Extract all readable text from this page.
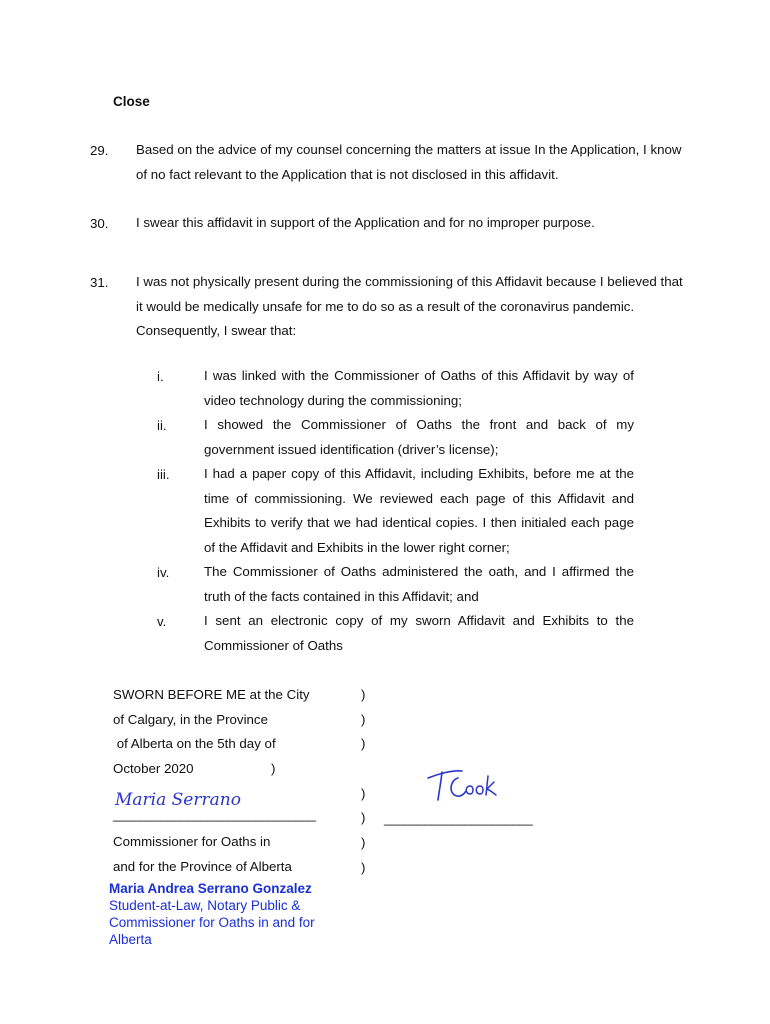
Close
29. Based on the advice of my counsel concerning the matters at issue In the Application, I know of no fact relevant to the Application that is not disclosed in this affidavit.
30. I swear this affidavit in support of the Application and for no improper purpose.
31. I was not physically present during the commissioning of this Affidavit because I believed that it would be medically unsafe for me to do so as a result of the coronavirus pandemic. Consequently, I swear that:
i.	I was linked with the Commissioner of Oaths of this Affidavit by way of video technology during the commissioning;
ii.	I showed the Commissioner of Oaths the front and back of my government issued identification (driver’s license);
iii.	I had a paper copy of this Affidavit, including Exhibits, before me at the time of commissioning. We reviewed each page of this Affidavit and Exhibits to verify that we had identical copies. I then initialed each page of the Affidavit and Exhibits in the lower right corner;
iv.	The Commissioner of Oaths administered the oath, and I affirmed the truth of the facts contained in this Affidavit; and
v.	I sent an electronic copy of my sworn Affidavit and Exhibits to the Commissioner of Oaths
SWORN BEFORE ME at the City
of Calgary, in the Province
of Alberta on the 5th day of
October 2020	)
)
)
)
)
)
)
)
Maria Serrano
______________________________
Commissioner for Oaths in
and for the Province of Alberta
______________________
Maria Andrea Serrano Gonzalez
Student-at-Law, Notary Public &
Commissioner for Oaths in and for
Alberta
